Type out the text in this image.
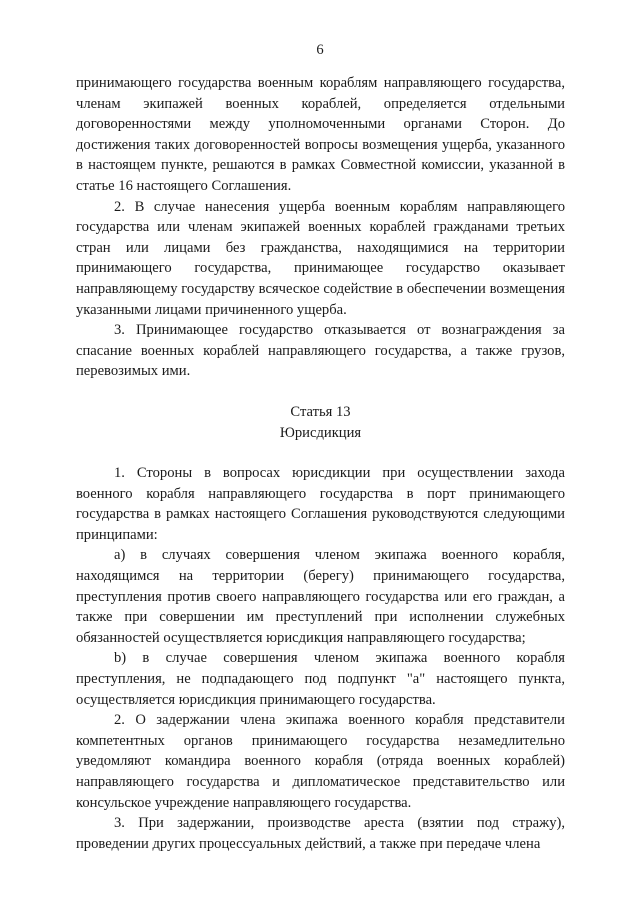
6

принимающего государства военным кораблям направляющего государства, членам экипажей военных кораблей, определяется отдельными договоренностями между уполномоченными органами Сторон. До достижения таких договоренностей вопросы возмещения ущерба, указанного в настоящем пункте, решаются в рамках Совместной комиссии, указанной в статье 16 настоящего Соглашения.

2. В случае нанесения ущерба военным кораблям направляющего государства или членам экипажей военных кораблей гражданами третьих стран или лицами без гражданства, находящимися на территории принимающего государства, принимающее государство оказывает направляющему государству всяческое содействие в обеспечении возмещения указанными лицами причиненного ущерба.

3. Принимающее государство отказывается от вознаграждения за спасание военных кораблей направляющего государства, а также грузов, перевозимых ими.

Статья 13

Юрисдикция

1. Стороны в вопросах юрисдикции при осуществлении захода военного корабля направляющего государства в порт принимающего государства в рамках настоящего Соглашения руководствуются следующими принципами:

а) в случаях совершения членом экипажа военного корабля, находящимся на территории (берегу) принимающего государства, преступления против своего направляющего государства или его граждан, а также при совершении им преступлений при исполнении служебных обязанностей осуществляется юрисдикция направляющего государства;

b) в случае совершения членом экипажа военного корабля преступления, не подпадающего под подпункт "а" настоящего пункта, осуществляется юрисдикция принимающего государства.

2. О задержании члена экипажа военного корабля представители компетентных органов принимающего государства незамедлительно уведомляют командира военного корабля (отряда военных кораблей) направляющего государства и дипломатическое представительство или консульское учреждение направляющего государства.

3. При задержании, производстве ареста (взятии под стражу), проведении других процессуальных действий, а также при передаче члена
